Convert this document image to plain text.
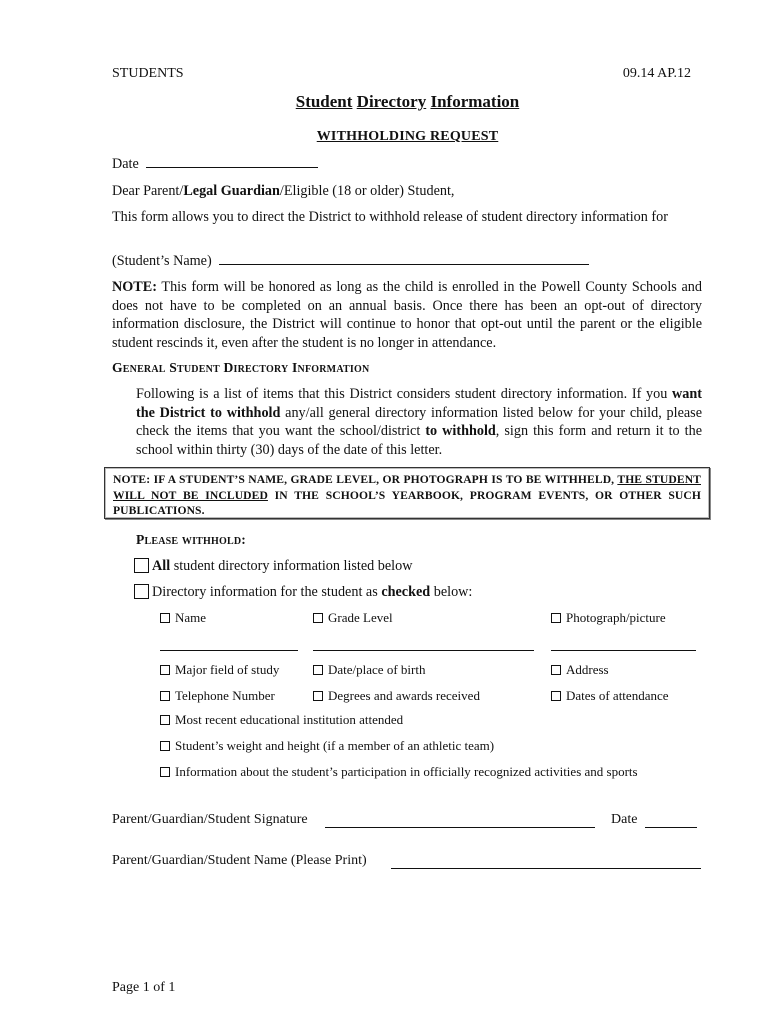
STUDENTS	09.14 AP.12
Student Directory Information
WITHHOLDING REQUEST
Date
Dear Parent/Legal Guardian/Eligible (18 or older) Student,
This form allows you to direct the District to withhold release of student directory information for
(Student’s Name)
NOTE: This form will be honored as long as the child is enrolled in the Powell County Schools and does not have to be completed on an annual basis. Once there has been an opt-out of directory information disclosure, the District will continue to honor that opt-out until the parent or the eligible student rescinds it, even after the student is no longer in attendance.
General Student Directory Information
Following is a list of items that this District considers student directory information. If you want the District to withhold any/all general directory information listed below for your child, please check the items that you want the school/district to withhold, sign this form and return it to the school within thirty (30) days of the date of this letter.
NOTE: IF A STUDENT’S NAME, GRADE LEVEL, OR PHOTOGRAPH IS TO BE WITHHELD, THE STUDENT WILL NOT BE INCLUDED IN THE SCHOOL’S YEARBOOK, PROGRAM EVENTS, OR OTHER SUCH PUBLICATIONS.
Please withhold:
All student directory information listed below
Directory information for the student as checked below:
Name	Grade Level	Photograph/picture
Major field of study	Date/place of birth	Address
Telephone Number	Degrees and awards received	Dates of attendance
Most recent educational institution attended
Student’s weight and height (if a member of an athletic team)
Information about the student’s participation in officially recognized activities and sports
Parent/Guardian/Student Signature	Date
Parent/Guardian/Student Name (Please Print)
Page 1 of 1
